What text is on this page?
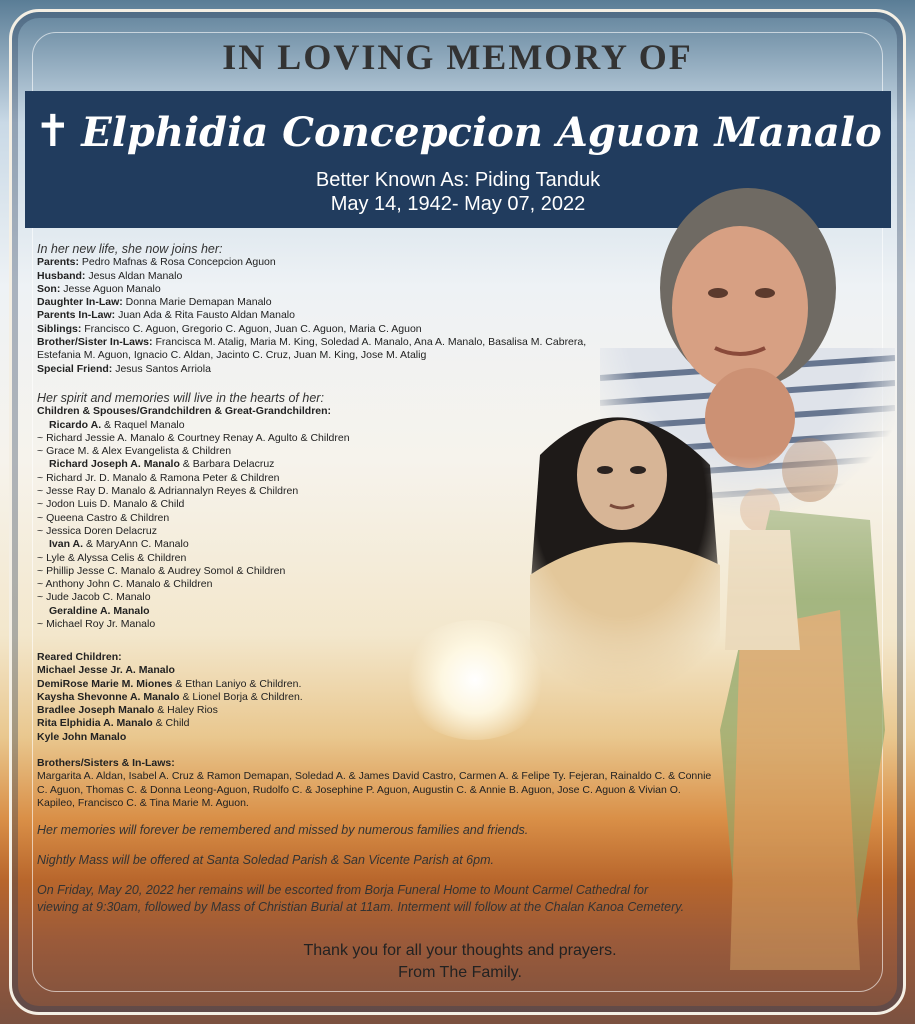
IN LOVING MEMORY OF
✝ Elphidia Concepcion Aguon Manalo
Better Known As: Piding Tanduk
May 14, 1942- May 07, 2022
In her new life, she now joins her:
Parents: Pedro Mafnas & Rosa Concepcion Aguon
Husband: Jesus Aldan Manalo
Son: Jesse Aguon Manalo
Daughter In-Law: Donna Marie Demapan Manalo
Parents In-Law: Juan Ada & Rita Fausto Aldan Manalo
Siblings: Francisco C. Aguon, Gregorio C. Aguon, Juan C. Aguon, Maria C. Aguon
Brother/Sister In-Laws: Francisca M. Atalig, Maria M. King, Soledad A. Manalo, Ana A. Manalo, Basalisa M. Cabrera,
Estefania M. Aguon, Ignacio C. Aldan, Jacinto C. Cruz, Juan M. King, Jose M. Atalig
Special Friend: Jesus Santos Arriola
Her spirit and memories will live in the hearts of her:
Children & Spouses/Grandchildren & Great-Grandchildren:
Ricardo A. & Raquel Manalo
~ Richard Jessie A. Manalo & Courtney Renay A. Agulto & Children
~ Grace M. & Alex Evangelista & Children
Richard Joseph A. Manalo & Barbara Delacruz
~ Richard Jr. D. Manalo & Ramona Peter & Children
~ Jesse Ray D. Manalo & Adriannalyn Reyes & Children
~ Jodon Luis D. Manalo & Child
~ Queena Castro & Children
~ Jessica Doren Delacruz
Ivan A. & MaryAnn C. Manalo
~ Lyle & Alyssa Celis & Children
~ Phillip Jesse C. Manalo & Audrey Somol & Children
~ Anthony John C. Manalo & Children
~ Jude Jacob C. Manalo
Geraldine A. Manalo
~ Michael Roy Jr. Manalo
Reared Children:
Michael Jesse Jr. A. Manalo
DemiRose Marie M. Miones & Ethan Laniyo & Children.
Kaysha Shevonne A. Manalo & Lionel Borja & Children.
Bradlee Joseph Manalo & Haley Rios
Rita Elphidia A. Manalo & Child
Kyle John Manalo
Brothers/Sisters & In-Laws:
Margarita A. Aldan, Isabel A. Cruz & Ramon Demapan, Soledad A. & James David Castro, Carmen A. & Felipe Ty. Fejeran, Rainaldo C. & Connie
C. Aguon, Thomas C. & Donna Leong-Aguon, Rudolfo C. & Josephine P. Aguon, Augustin C. & Annie B. Aguon, Jose C. Aguon & Vivian O.
Kapileo, Francisco C. & Tina Marie M. Aguon.
Her memories will forever be remembered and missed by numerous families and friends.
Nightly Mass will be offered at Santa Soledad Parish & San Vicente Parish at 6pm.
On Friday, May 20, 2022 her remains will be escorted from Borja Funeral Home to Mount Carmel Cathedral for
viewing at 9:30am, followed by Mass of Christian Burial at 11am. Interment will follow at the Chalan Kanoa Cemetery.
Thank you for all your thoughts and prayers.
From The Family.
